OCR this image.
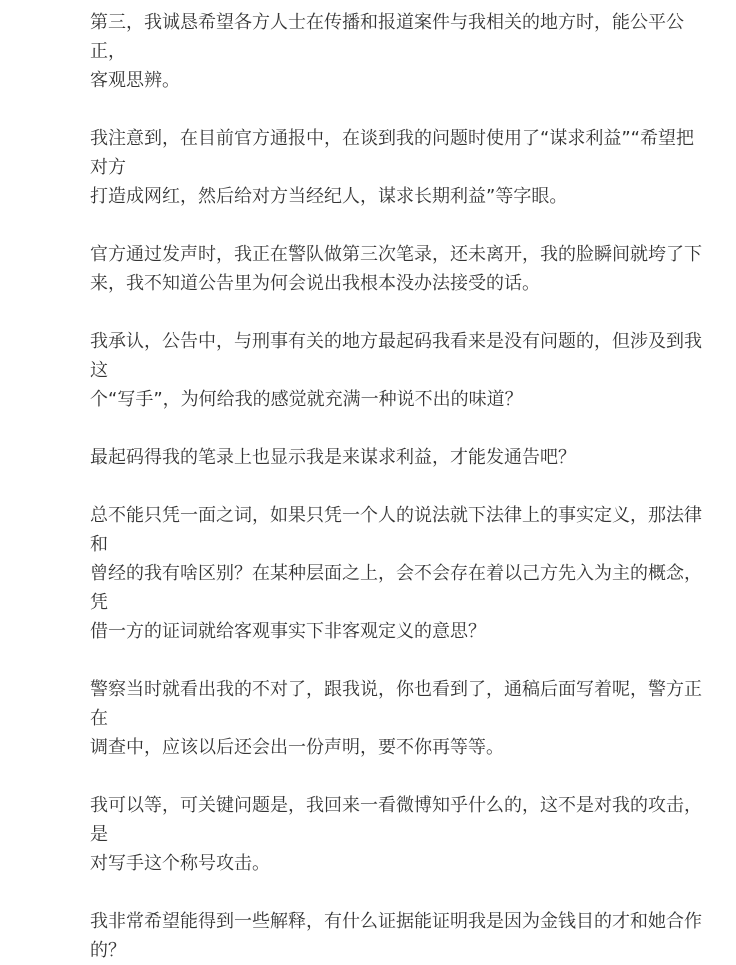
第三，我诚恳希望各方人士在传播和报道案件与我相关的地方时，能公平公正，
客观思辨。

我注意到，在目前官方通报中，在谈到我的问题时使用了“谋求利益”“希望把对方
打造成网红，然后给对方当经纪人，谋求长期利益”等字眼。

官方通过发声时，我正在警队做第三次笔录，还未离开，我的脸瞬间就垮了下
来，我不知道公告里为何会说出我根本没办法接受的话。

我承认，公告中，与刑事有关的地方最起码我看来是没有问题的，但涉及到我这
个“写手”，为何给我的感觉就充满一种说不出的味道？

最起码得我的笔录上也显示我是来谋求利益，才能发通告吧？

总不能只凭一面之词，如果只凭一个人的说法就下法律上的事实定义，那法律和
曾经的我有啥区别？在某种层面之上，会不会存在着以己方先入为主的概念，凭
借一方的证词就给客观事实下非客观定义的意思？

警察当时就看出我的不对了，跟我说，你也看到了，通稿后面写着呢，警方正在
调查中，应该以后还会出一份声明，要不你再等等。

我可以等，可关键问题是，我回来一看微博知乎什么的，这不是对我的攻击，是
对写手这个称号攻击。

我非常希望能得到一些解释，有什么证据能证明我是因为金钱目的才和她合作
的？
